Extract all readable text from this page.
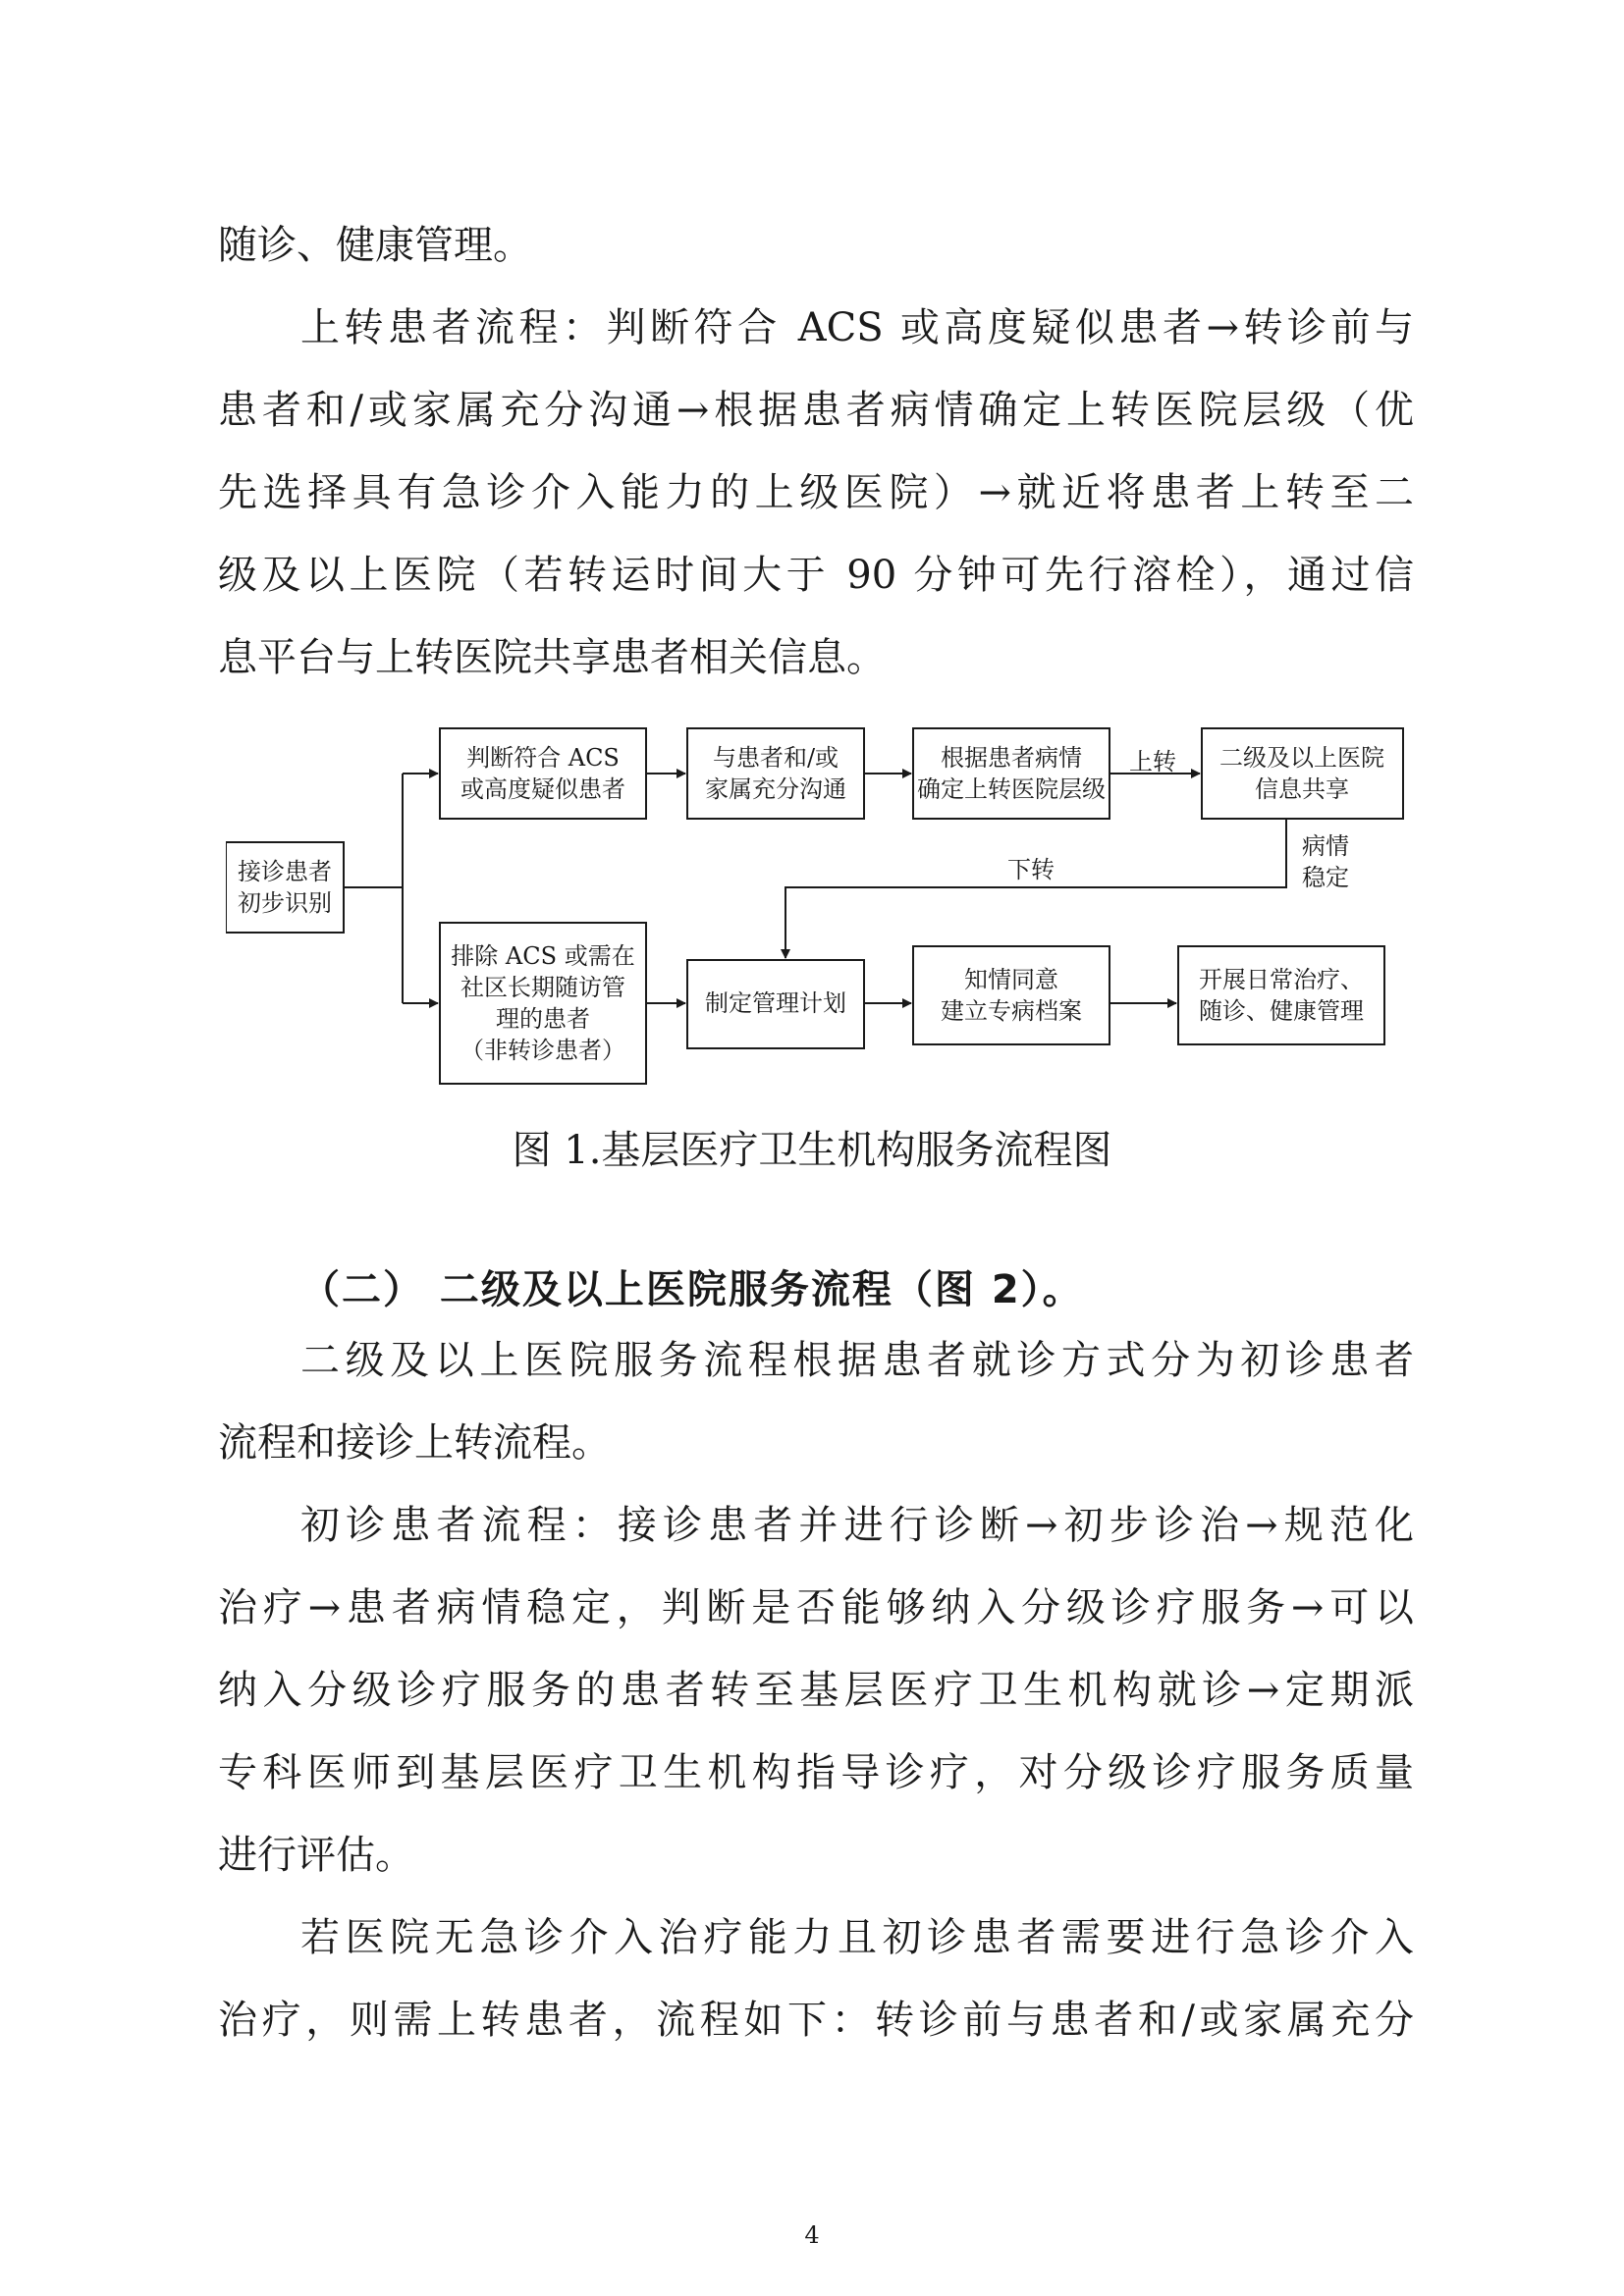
随诊、健康管理。
上转患者流程：判断符合 ACS 或高度疑似患者→转诊前与
患者和/或家属充分沟通→根据患者病情确定上转医院层级（优
先选择具有急诊介入能力的上级医院）→就近将患者上转至二
级及以上医院（若转运时间大于 90 分钟可先行溶栓），通过信
息平台与上转医院共享患者相关信息。
接诊患者
初步识别
判断符合 ACS
或高度疑似患者
与患者和/或
家属充分沟通
根据患者病情
确定上转医院层级
二级及以上医院
信息共享
排除 ACS 或需在
社区长期随访管
理的患者
（非转诊患者）
制定管理计划
知情同意
建立专病档案
开展日常治疗、
随诊、健康管理
上转
下转
病情
稳定
图 1.基层医疗卫生机构服务流程图
（二） 二级及以上医院服务流程（图 2）。
二级及以上医院服务流程根据患者就诊方式分为初诊患者
流程和接诊上转流程。
初诊患者流程：接诊患者并进行诊断→初步诊治→规范化
治疗→患者病情稳定，判断是否能够纳入分级诊疗服务→可以
纳入分级诊疗服务的患者转至基层医疗卫生机构就诊→定期派
专科医师到基层医疗卫生机构指导诊疗，对分级诊疗服务质量
进行评估。
若医院无急诊介入治疗能力且初诊患者需要进行急诊介入
治疗，则需上转患者，流程如下：转诊前与患者和/或家属充分
4
